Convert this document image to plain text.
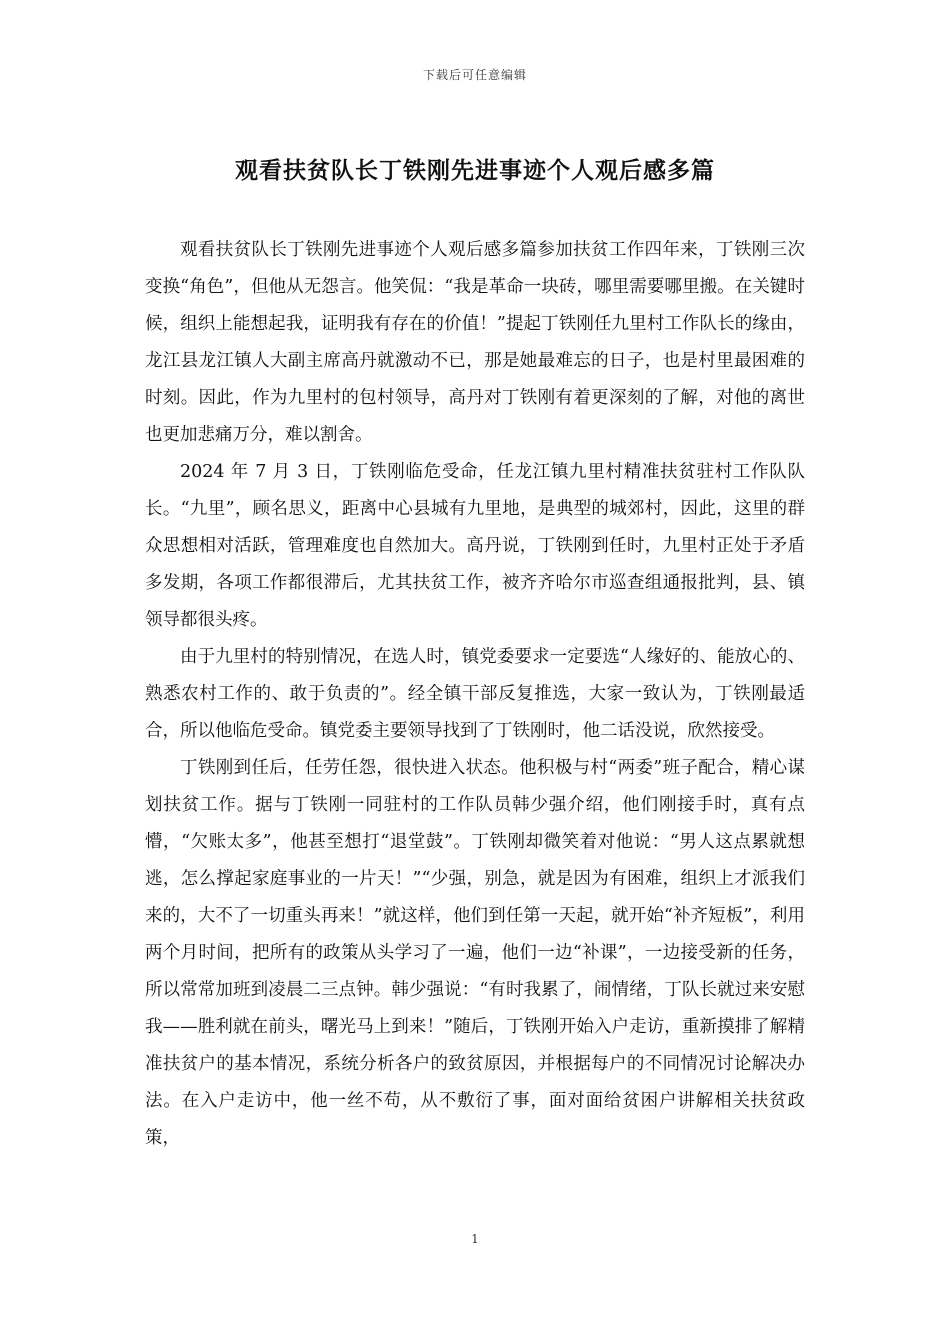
下载后可任意编辑
观看扶贫队长丁铁刚先进事迹个人观后感多篇

观看扶贫队长丁铁刚先进事迹个人观后感多篇参加扶贫工作四年来，丁铁刚三次变换“角色”，但他从无怨言。他笑侃：“我是革命一块砖，哪里需要哪里搬。在关键时候，组织上能想起我，证明我有存在的价值！”提起丁铁刚任九里村工作队长的缘由，龙江县龙江镇人大副主席高丹就激动不已，那是她最难忘的日子，也是村里最困难的时刻。因此，作为九里村的包村领导，高丹对丁铁刚有着更深刻的了解，对他的离世也更加悲痛万分，难以割舍。

2024 年 7 月 3 日，丁铁刚临危受命，任龙江镇九里村精准扶贫驻村工作队队长。“九里”，顾名思义，距离中心县城有九里地，是典型的城郊村，因此，这里的群众思想相对活跃，管理难度也自然加大。高丹说，丁铁刚到任时，九里村正处于矛盾多发期，各项工作都很滞后，尤其扶贫工作，被齐齐哈尔市巡查组通报批判，县、镇领导都很头疼。

由于九里村的特别情况，在选人时，镇党委要求一定要选“人缘好的、能放心的、熟悉农村工作的、敢于负责的”。经全镇干部反复推选，大家一致认为，丁铁刚最适合，所以他临危受命。镇党委主要领导找到了丁铁刚时，他二话没说，欣然接受。

丁铁刚到任后，任劳任怨，很快进入状态。他积极与村“两委”班子配合，精心谋划扶贫工作。据与丁铁刚一同驻村的工作队员韩少强介绍，他们刚接手时，真有点懵，“欠账太多”，他甚至想打“退堂鼓”。丁铁刚却微笑着对他说：“男人这点累就想逃，怎么撑起家庭事业的一片天！”“少强，别急，就是因为有困难，组织上才派我们来的，大不了一切重头再来！”就这样，他们到任第一天起，就开始“补齐短板”，利用两个月时间，把所有的政策从头学习了一遍，他们一边“补课”，一边接受新的任务，所以常常加班到凌晨二三点钟。韩少强说：“有时我累了，闹情绪，丁队长就过来安慰我——胜利就在前头，曙光马上到来！”随后，丁铁刚开始入户走访，重新摸排了解精准扶贫户的基本情况，系统分析各户的致贫原因，并根据每户的不同情况讨论解决办法。在入户走访中，他一丝不苟，从不敷衍了事，面对面给贫困户讲解相关扶贫政策，

1
